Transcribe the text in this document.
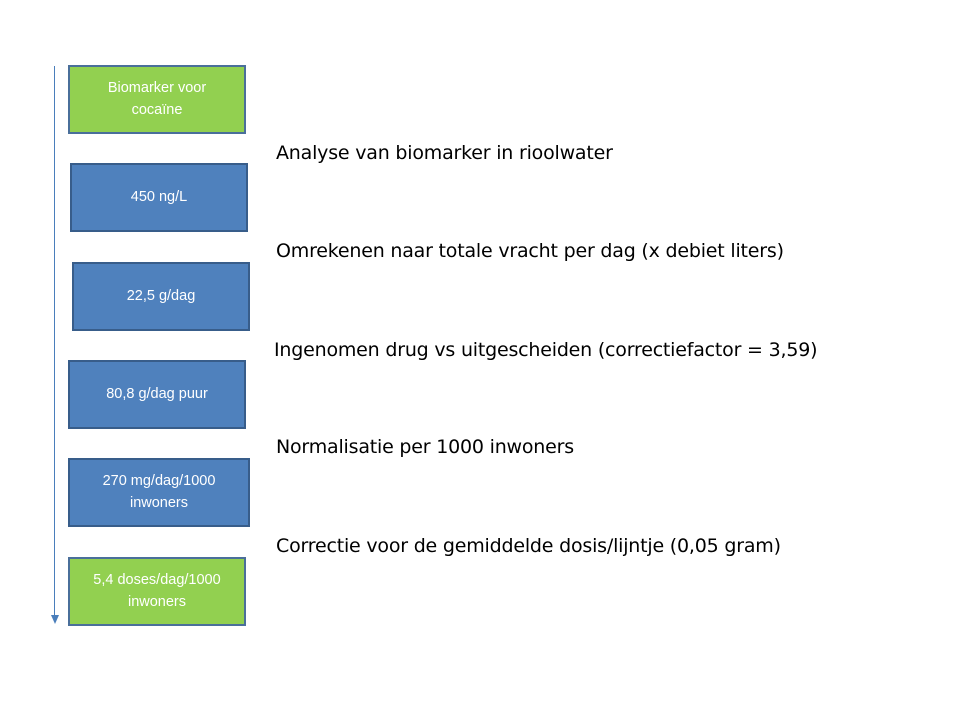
Biomarker voor cocaïne
450 ng/L
22,5 g/dag
80,8 g/dag puur
270 mg/dag/1000 inwoners
5,4 doses/dag/1000 inwoners
Analyse van biomarker in rioolwater
Omrekenen naar totale vracht per dag (x debiet liters)
Ingenomen drug vs uitgescheiden (correctiefactor = 3,59)
Normalisatie per 1000 inwoners
Correctie voor de gemiddelde dosis/lijntje (0,05 gram)
